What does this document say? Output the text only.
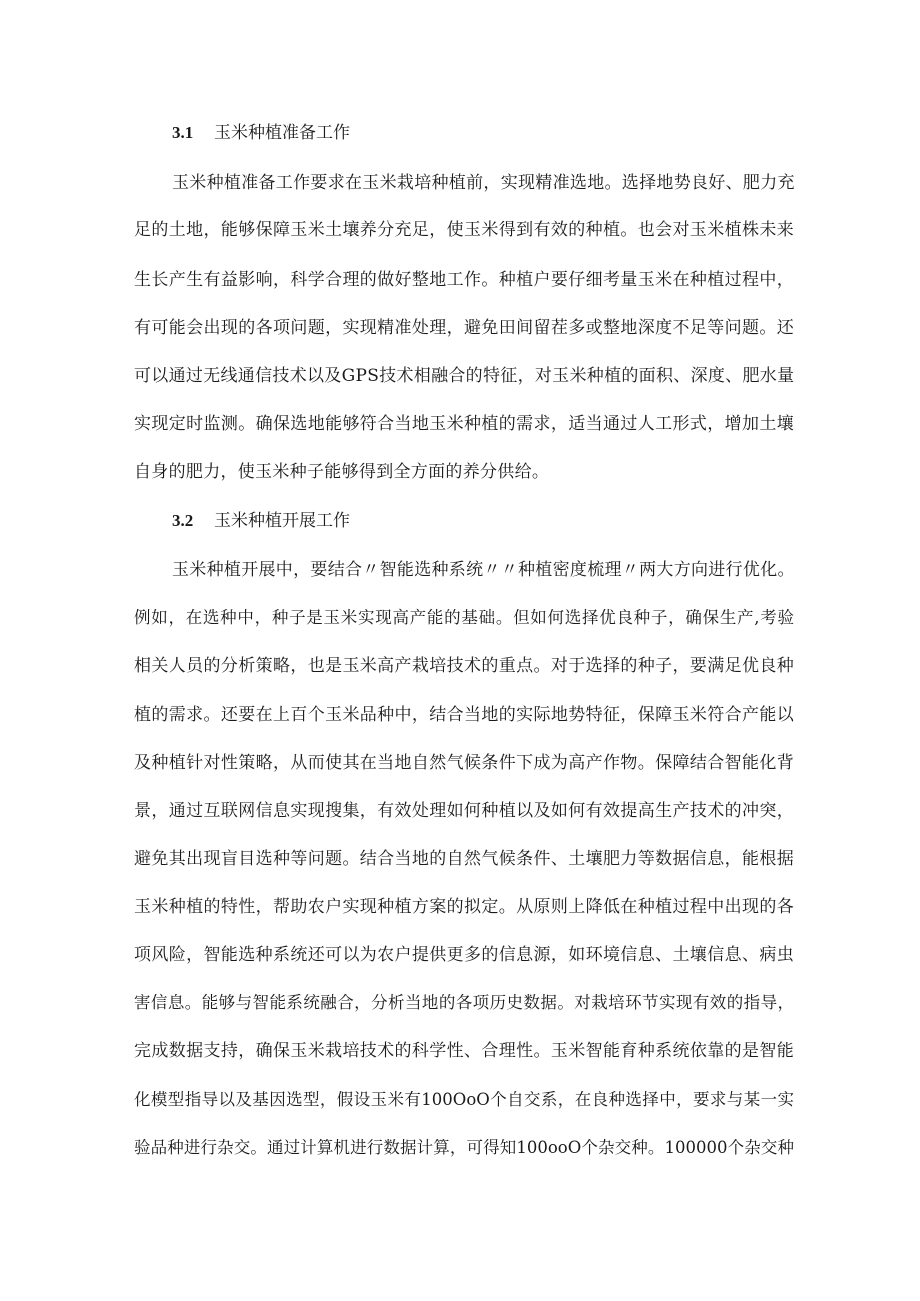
3.1 玉米种植准备工作
玉米种植准备工作要求在玉米栽培种植前，实现精准选地。选择地势良好、肥力充
足的土地，能够保障玉米土壤养分充足，使玉米得到有效的种植。也会对玉米植株未来
生长产生有益影响，科学合理的做好整地工作。种植户要仔细考量玉米在种植过程中，
有可能会出现的各项问题，实现精准处理，避免田间留茬多或整地深度不足等问题。还
可以通过无线通信技术以及GPS技术相融合的特征，对玉米种植的面积、深度、肥水量
实现定时监测。确保选地能够符合当地玉米种植的需求，适当通过人工形式，增加土壤
自身的肥力，使玉米种子能够得到全方面的养分供给。
3.2 玉米种植开展工作
玉米种植开展中，要结合〃智能选种系统〃〃种植密度梳理〃两大方向进行优化。
例如，在选种中，种子是玉米实现高产能的基础。但如何选择优良种子，确保生产,考验
相关人员的分析策略，也是玉米高产栽培技术的重点。对于选择的种子，要满足优良种
植的需求。还要在上百个玉米品种中，结合当地的实际地势特征，保障玉米符合产能以
及种植针对性策略，从而使其在当地自然气候条件下成为高产作物。保障结合智能化背
景，通过互联网信息实现搜集，有效处理如何种植以及如何有效提高生产技术的冲突，
避免其出现盲目选种等问题。结合当地的自然气候条件、土壤肥力等数据信息，能根据
玉米种植的特性，帮助农户实现种植方案的拟定。从原则上降低在种植过程中出现的各
项风险，智能选种系统还可以为农户提供更多的信息源，如环境信息、土壤信息、病虫
害信息。能够与智能系统融合，分析当地的各项历史数据。对栽培环节实现有效的指导，
完成数据支持，确保玉米栽培技术的科学性、合理性。玉米智能育种系统依靠的是智能
化模型指导以及基因选型，假设玉米有100OoO个自交系，在良种选择中，要求与某一实
验品种进行杂交。通过计算机进行数据计算，可得知100ooO个杂交种。100000个杂交种
